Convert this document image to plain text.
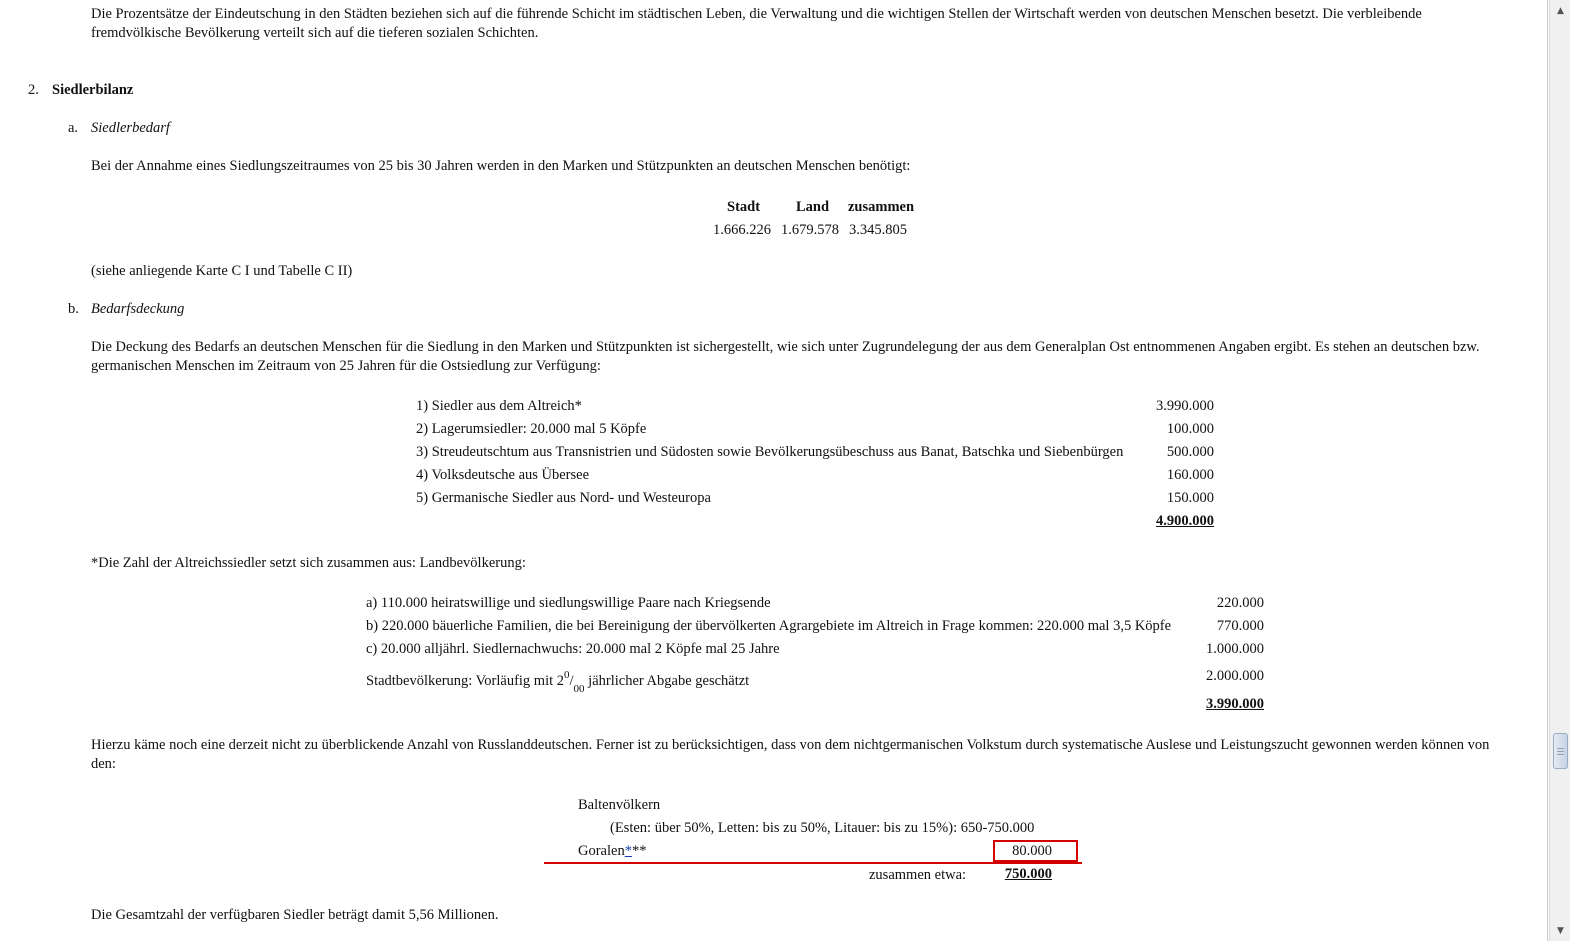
Die Prozentsätze der Eindeutschung in den Städten beziehen sich auf die führende Schicht im städtischen Leben, die Verwaltung und die wichtigen Stellen der Wirtschaft werden von deutschen Menschen besetzt. Die verbleibende
fremdvölkische Bevölkerung verteilt sich auf die tieferen sozialen Schichten.
2. Siedlerbilanz
a. Siedlerbedarf
Bei der Annahme eines Siedlungszeitraumes von 25 bis 30 Jahren werden in den Marken und Stützpunkten an deutschen Menschen benötigt:
Stadt Land zusammen
1.666.226 1.679.578 3.345.805
(siehe anliegende Karte C I und Tabelle C II)
b. Bedarfsdeckung
Die Deckung des Bedarfs an deutschen Menschen für die Siedlung in den Marken und Stützpunkten ist sichergestellt, wie sich unter Zugrundelegung der aus dem Generalplan Ost entnommenen Angaben ergibt. Es stehen an deutschen bzw.
germanischen Menschen im Zeitraum von 25 Jahren für die Ostsiedlung zur Verfügung:
1) Siedler aus dem Altreich*	3.990.000
2) Lagerumsiedler: 20.000 mal 5 Köpfe	100.000
3) Streudeutschtum aus Transnistrien und Südosten sowie Bevölkerungsübeschuss aus Banat, Batschka und Siebenbürgen	500.000
4) Volksdeutsche aus Übersee	160.000
5) Germanische Siedler aus Nord- und Westeuropa	150.000
4.900.000
*Die Zahl der Altreichssiedler setzt sich zusammen aus: Landbevölkerung:
a) 110.000 heiratswillige und siedlungswillige Paare nach Kriegsende	220.000
b) 220.000 bäuerliche Familien, die bei Bereinigung der übervölkerten Agrargebiete im Altreich in Frage kommen: 220.000 mal 3,5 Köpfe	770.000
c) 20.000 alljährl. Siedlernachwuchs: 20.000 mal 2 Köpfe mal 25 Jahre	1.000.000
Stadtbevölkerung: Vorläufig mit $2^0/_{00}$ jährlicher Abgabe geschätzt	2.000.000
3.990.000
Hierzu käme noch eine derzeit nicht zu überblickende Anzahl von Russlanddeutschen. Ferner ist zu berücksichtigen, dass von dem nichtgermanischen Volkstum durch systematische Auslese und Leistungszucht gewonnen werden können von
den:
Baltenvölkern
(Esten: über 50%, Letten: bis zu 50%, Litauer: bis zu 15%): 650-750.000
Goralen***	80.000
zusammen etwa:	750.000
Die Gesamtzahl der verfügbaren Siedler beträgt damit 5,56 Millionen.
▲
▼
